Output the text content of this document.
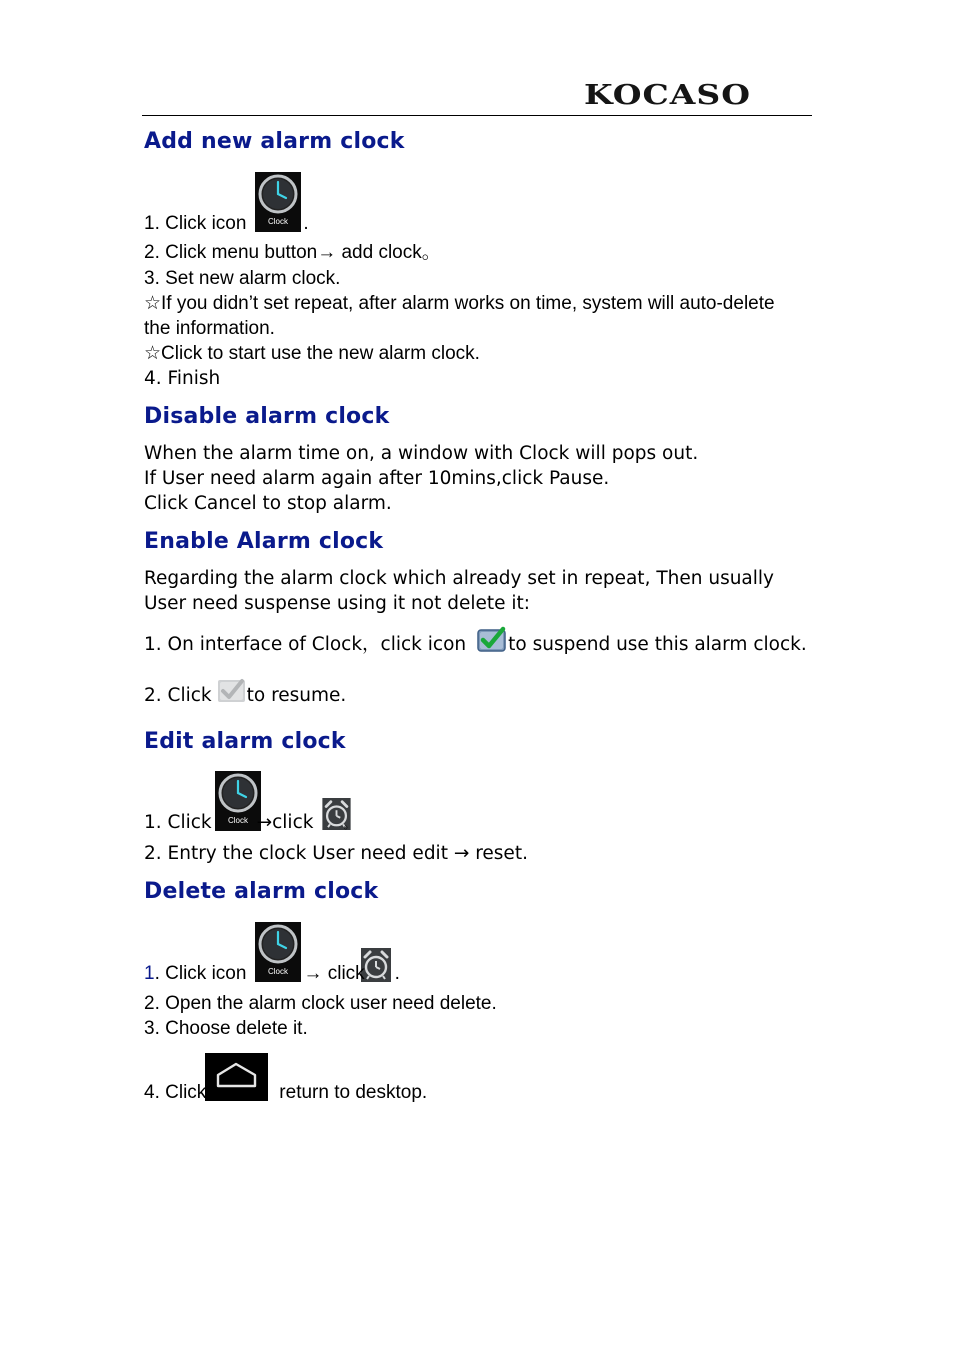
KOCASO
Add new alarm clock
Clock
1. Click icon	.
2. Click menu button→ add clock。
3. Set new alarm clock.
☆If you didn’t set repeat, after alarm works on time, system will auto-delete
the information.
☆Click to start use the new alarm clock.
4. Finish
Disable alarm clock
When the alarm time on, a window with Clock will pops out.
If User need alarm again after 10mins,click Pause.
Click Cancel to stop alarm.
Enable Alarm clock
Regarding the alarm clock which already set in repeat, Then usually
User need suspense using it not delete it:
1. On interface of Clock，click icon to suspend use this alarm clock.
2. Click to resume.
Edit alarm clock
Clock
1. Click →click	。
2. Entry the clock User need edit → reset.
Delete alarm clock
Clock
1. Click icon	→ click .
2. Open the alarm clock user need delete.
3. Choose delete it.
4. Click	return to desktop.
